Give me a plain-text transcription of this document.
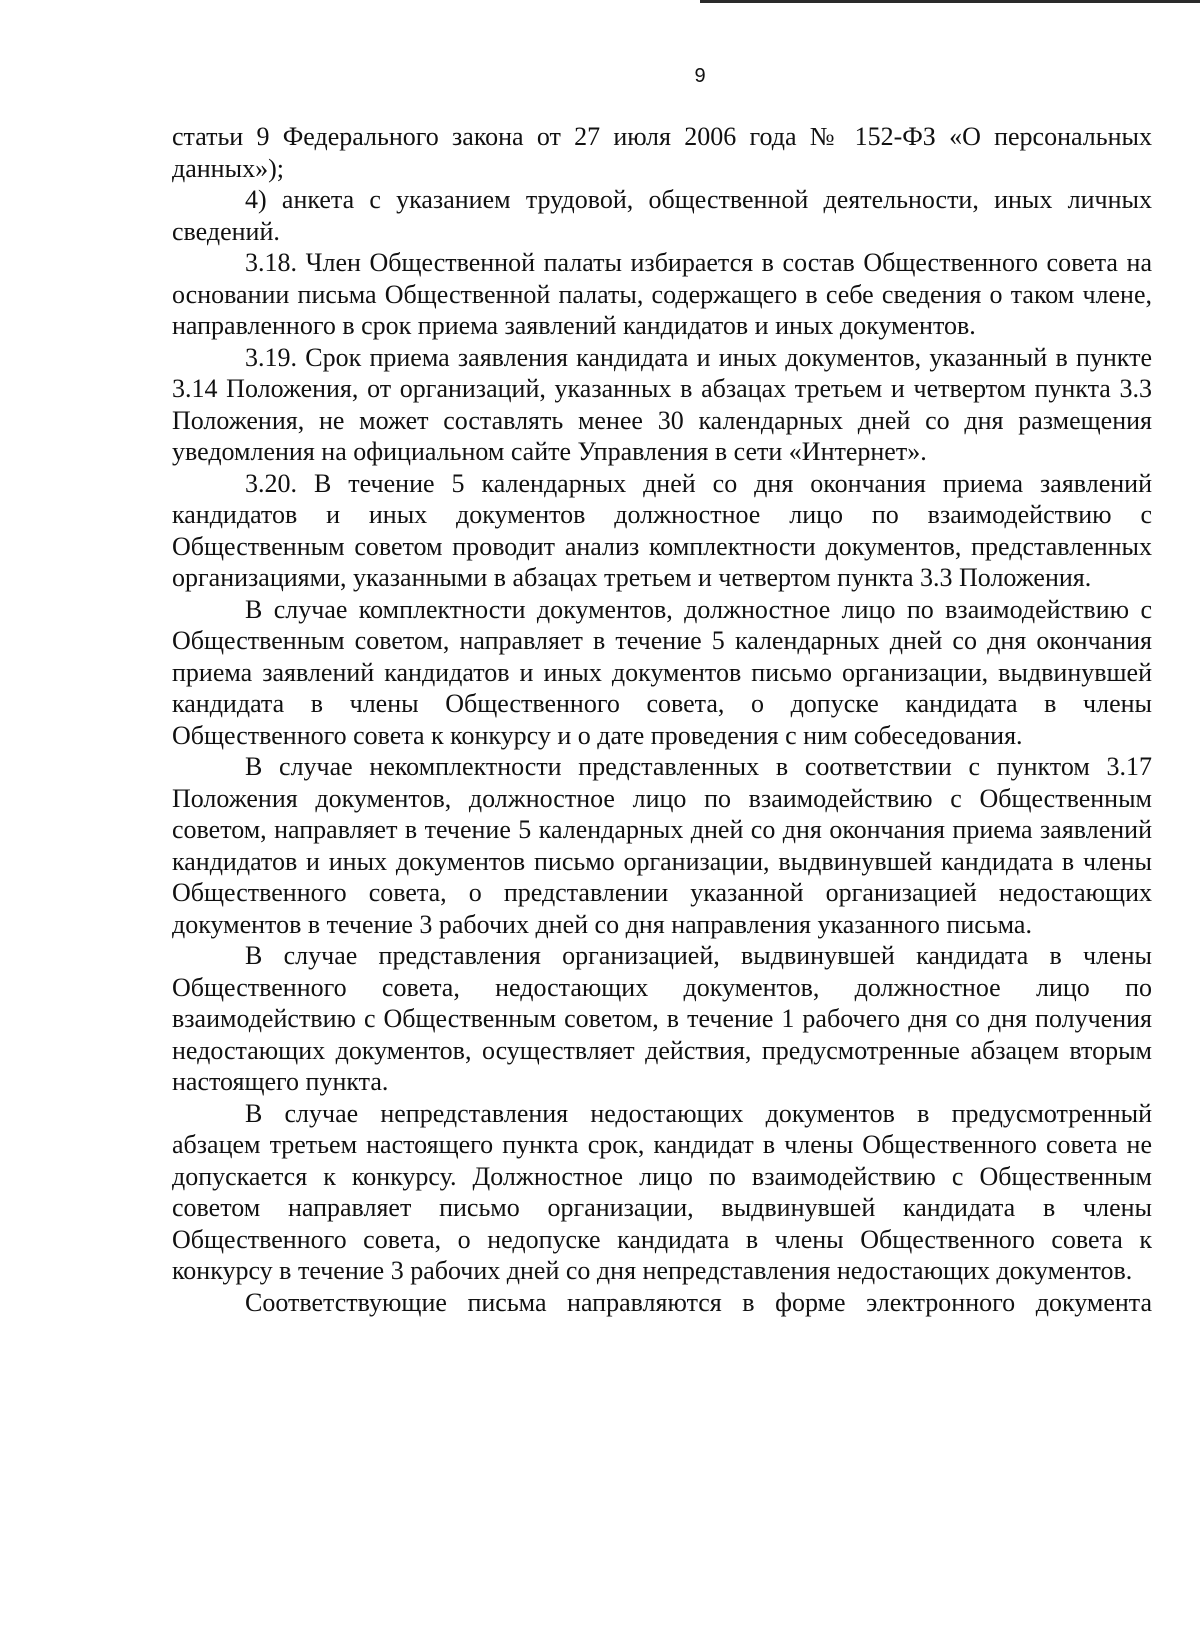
9

статьи 9 Федерального закона от 27 июля 2006 года № 152-ФЗ «О персональных данных»);

4) анкета с указанием трудовой, общественной деятельности, иных личных сведений.

3.18. Член Общественной палаты избирается в состав Общественного совета на основании письма Общественной палаты, содержащего в себе сведения о таком члене, направленного в срок приема заявлений кандидатов и иных документов.

3.19. Срок приема заявления кандидата и иных документов, указанный в пункте 3.14 Положения, от организаций, указанных в абзацах третьем и четвертом пункта 3.3 Положения, не может составлять менее 30 календарных дней со дня размещения уведомления на официальном сайте Управления в сети «Интернет».

3.20. В течение 5 календарных дней со дня окончания приема заявлений кандидатов и иных документов должностное лицо по взаимодействию с Общественным советом проводит анализ комплектности документов, представленных организациями, указанными в абзацах третьем и четвертом пункта 3.3 Положения.

В случае комплектности документов, должностное лицо по взаимодействию с Общественным советом, направляет в течение 5 календарных дней со дня окончания приема заявлений кандидатов и иных документов письмо организации, выдвинувшей кандидата в члены Общественного совета, о допуске кандидата в члены Общественного совета к конкурсу и о дате проведения с ним собеседования.

В случае некомплектности представленных в соответствии с пунктом 3.17 Положения документов, должностное лицо по взаимодействию с Общественным советом, направляет в течение 5 календарных дней со дня окончания приема заявлений кандидатов и иных документов письмо организации, выдвинувшей кандидата в члены Общественного совета, о представлении указанной организацией недостающих документов в течение 3 рабочих дней со дня направления указанного письма.

В случае представления организацией, выдвинувшей кандидата в члены Общественного совета, недостающих документов, должностное лицо по взаимодействию с Общественным советом, в течение 1 рабочего дня со дня получения недостающих документов, осуществляет действия, предусмотренные абзацем вторым настоящего пункта.

В случае непредставления недостающих документов в предусмотренный абзацем третьем настоящего пункта срок, кандидат в члены Общественного совета не допускается к конкурсу. Должностное лицо по взаимодействию с Общественным советом направляет письмо организации, выдвинувшей кандидата в члены Общественного совета, о недопуске кандидата в члены Общественного совета к конкурсу в течение 3 рабочих дней со дня непредставления недостающих документов.

Соответствующие письма направляются в форме электронного документа
